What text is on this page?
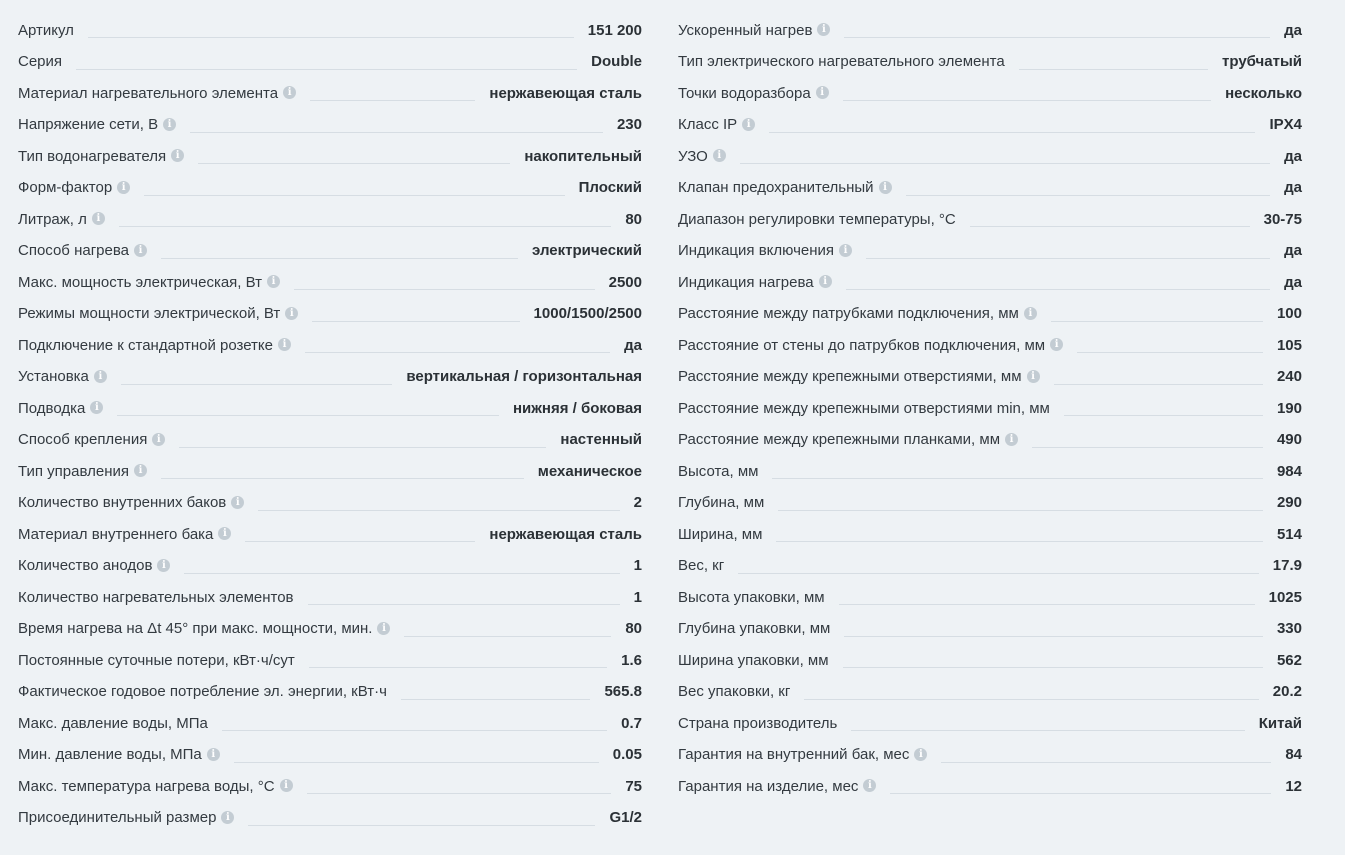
Артикул	151 200
Серия	Double
Материал нагревательного элемента i	нержавеющая сталь
Напряжение сети, В i	230
Тип водонагревателя i	накопительный
Форм-фактор i	Плоский
Литраж, л i	80
Способ нагрева i	электрический
Макс. мощность электрическая, Вт i	2500
Режимы мощности электрической, Вт i	1000/1500/2500
Подключение к стандартной розетке i	да
Установка i	вертикальная / горизонтальная
Подводка i	нижняя / боковая
Способ крепления i	настенный
Тип управления i	механическое
Количество внутренних баков i	2
Материал внутреннего бака i	нержавеющая сталь
Количество анодов i	1
Количество нагревательных элементов	1
Время нагрева на Δt 45° при макс. мощности, мин. i	80
Постоянные суточные потери, кВт·ч/сут	1.6
Фактическое годовое потребление эл. энергии, кВт·ч	565.8
Макс. давление воды, МПа	0.7
Мин. давление воды, МПа i	0.05
Макс. температура нагрева воды, °С i	75
Присоединительный размер i	G1/2
Ускоренный нагрев i	да
Тип электрического нагревательного элемента	трубчатый
Точки водоразбора i	несколько
Класс IP i	IPX4
УЗО i	да
Клапан предохранительный i	да
Диапазон регулировки температуры, °С	30-75
Индикация включения i	да
Индикация нагрева i	да
Расстояние между патрубками подключения, мм i	100
Расстояние от стены до патрубков подключения, мм i	105
Расстояние между крепежными отверстиями, мм i	240
Расстояние между крепежными отверстиями min, мм	190
Расстояние между крепежными планками, мм i	490
Высота, мм	984
Глубина, мм	290
Ширина, мм	514
Вес, кг	17.9
Высота упаковки, мм	1025
Глубина упаковки, мм	330
Ширина упаковки, мм	562
Вес упаковки, кг	20.2
Страна производитель	Китай
Гарантия на внутренний бак, мес i	84
Гарантия на изделие, мес i	12
